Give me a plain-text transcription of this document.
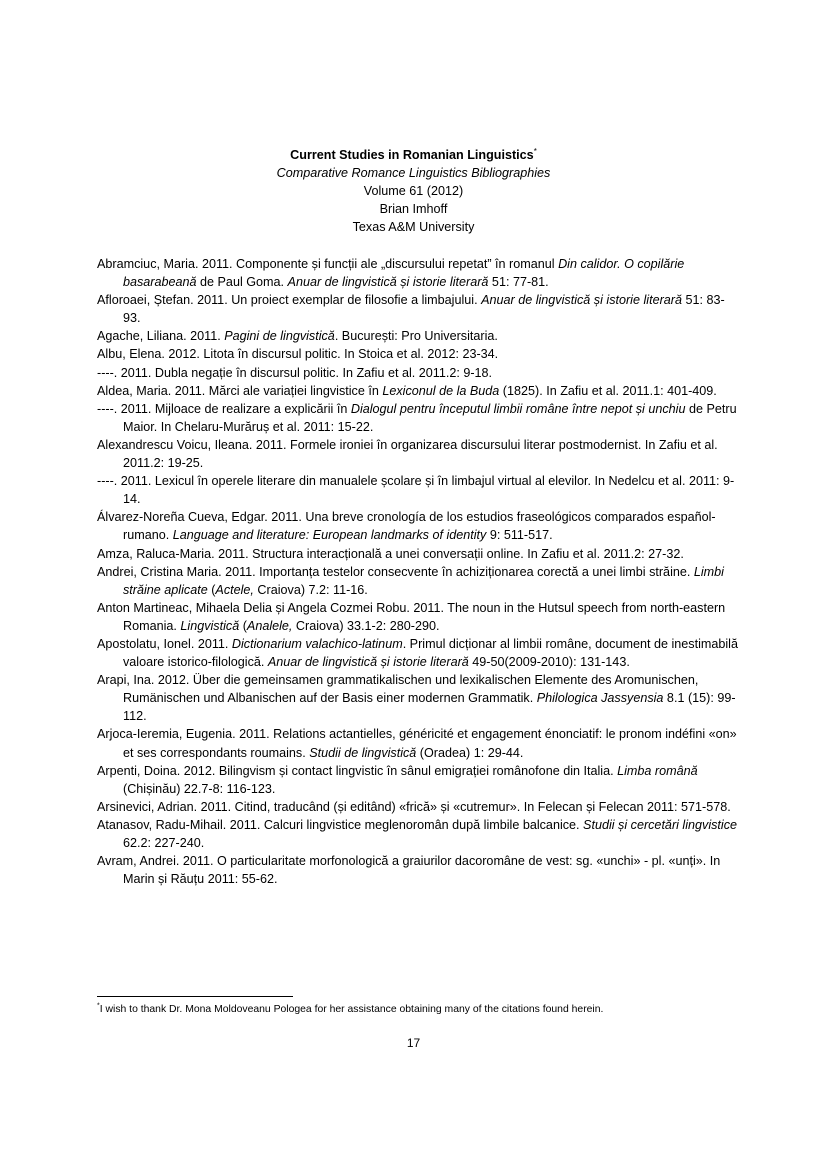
Current Studies in Romanian Linguistics*
Comparative Romance Linguistics Bibliographies
Volume 61 (2012)
Brian Imhoff
Texas A&M University

Abramciuc, Maria. 2011. Componente și funcții ale „discursului repetat” în romanul Din calidor. O copilărie basarabeană de Paul Goma. Anuar de lingvistică și istorie literară 51: 77-81.

Afloroaei, Ștefan. 2011. Un proiect exemplar de filosofie a limbajului. Anuar de lingvistică și istorie literară 51: 83-93.

Agache, Liliana. 2011. Pagini de lingvistică. București: Pro Universitaria.

Albu, Elena. 2012. Litota în discursul politic. In Stoica et al. 2012: 23-34.

----. 2011. Dubla negație în discursul politic. In Zafiu et al. 2011.2: 9-18.

Aldea, Maria. 2011. Mărci ale variației lingvistice în Lexiconul de la Buda (1825). In Zafiu et al. 2011.1: 401-409.

----. 2011. Mijloace de realizare a explicării în Dialogul pentru începutul limbii române între nepot și unchiu de Petru Maior. In Chelaru-Murăruș et al. 2011: 15-22.

Alexandrescu Voicu, Ileana. 2011. Formele ironiei în organizarea discursului literar postmodernist. In Zafiu et al. 2011.2: 19-25.

----. 2011. Lexicul în operele literare din manualele școlare și în limbajul virtual al elevilor. In Nedelcu et al. 2011: 9-14.

Álvarez-Noreña Cueva, Edgar. 2011. Una breve cronología de los estudios fraseológicos comparados español-rumano. Language and literature: European landmarks of identity 9: 511-517.

Amza, Raluca-Maria. 2011. Structura interacțională a unei conversații online. In Zafiu et al. 2011.2: 27-32.

Andrei, Cristina Maria. 2011. Importanța testelor consecvente în achiziționarea corectă a unei limbi străine. Limbi străine aplicate (Actele, Craiova) 7.2: 11-16.

Anton Martineac, Mihaela Delia și Angela Cozmei Robu. 2011. The noun in the Hutsul speech from north-eastern Romania. Lingvistică (Analele, Craiova) 33.1-2: 280-290.

Apostolatu, Ionel. 2011. Dictionarium valachico-latinum. Primul dicționar al limbii române, document de inestimabilă valoare istorico-filologică. Anuar de lingvistică și istorie literară 49-50(2009-2010): 131-143.

Arapi, Ina. 2012. Über die gemeinsamen grammatikalischen und lexikalischen Elemente des Aromunischen, Rumänischen und Albanischen auf der Basis einer modernen Grammatik. Philologica Jassyensia 8.1 (15): 99-112.

Arjoca-Ieremia, Eugenia. 2011. Relations actantielles, généricité et engagement énonciatif: le pronom indéfini «on» et ses correspondants roumains. Studii de lingvistică (Oradea) 1: 29-44.

Arpenti, Doina. 2012. Bilingvism și contact lingvistic în sânul emigrației românofone din Italia. Limba română (Chișinău) 22.7-8: 116-123.

Arsinevici, Adrian. 2011. Citind, traducând (și editând) «frică» și «cutremur». In Felecan și Felecan 2011: 571-578.

Atanasov, Radu-Mihail. 2011. Calcuri lingvistice meglenoromân după limbile balcanice. Studii și cercetări lingvistice 62.2: 227-240.

Avram, Andrei. 2011. O particularitate morfonologică a graiurilor dacoromâne de vest: sg. «unchi» - pl. «unți». In Marin și Răuțu 2011: 55-62.

*I wish to thank Dr. Mona Moldoveanu Pologea for her assistance obtaining many of the citations found herein.
17
